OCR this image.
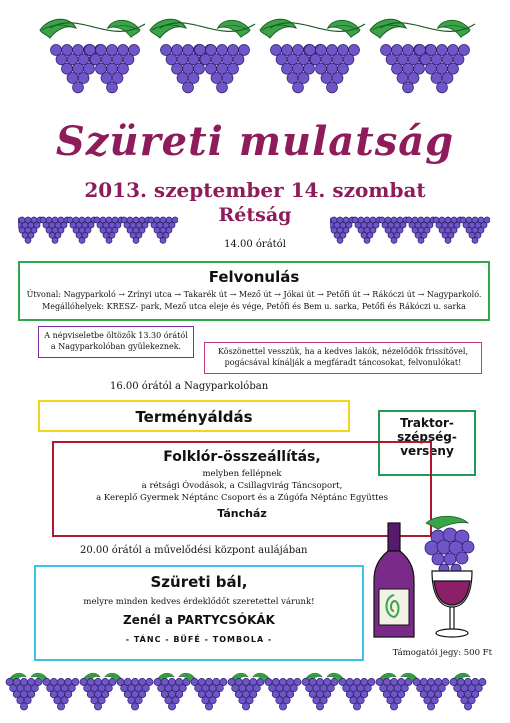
Szüreti mulatság
2013. szeptember 14. szombat
Rétság
14.00 órától
Felvonulás
Útvonal: Nagyparkoló → Zrínyi utca → Takarék út → Mező út → Jókai út → Petőfi út → Rákóczi út → Nagyparkoló.
Megállóhelyek: KRESZ- park, Mező utca eleje és vége, Petőfi és Bem u. sarka, Petőfi és Rákóczi u. sarka
A népviseletbe öltözők 13.30 órától a Nagyparkolóban gyülekeznek.
Köszönettel vesszük, ha a kedves lakók, nézelődők frissítővel, pogácsával kínálják a megfáradt táncosokat, felvonulókat!
16.00 órától a Nagyparkolóban
Terményáldás	Traktor-
szépség-
verseny
Folklór-összeállítás,
melyben fellépnek
a rétsági Óvodások, a Csillagvirág Táncsoport,
a Kereplő Gyermek Néptánc Csoport és a Zúgófa Néptánc Együttes
Táncház
20.00 órától a művelődési központ aulájában
Szüreti bál,
melyre minden kedves érdeklődőt szeretettel várunk!
Zenél a PARTYCSÓKÁK
- TÁNC - BÜFÉ - TOMBOLA -
Támogatói jegy: 500 Ft
